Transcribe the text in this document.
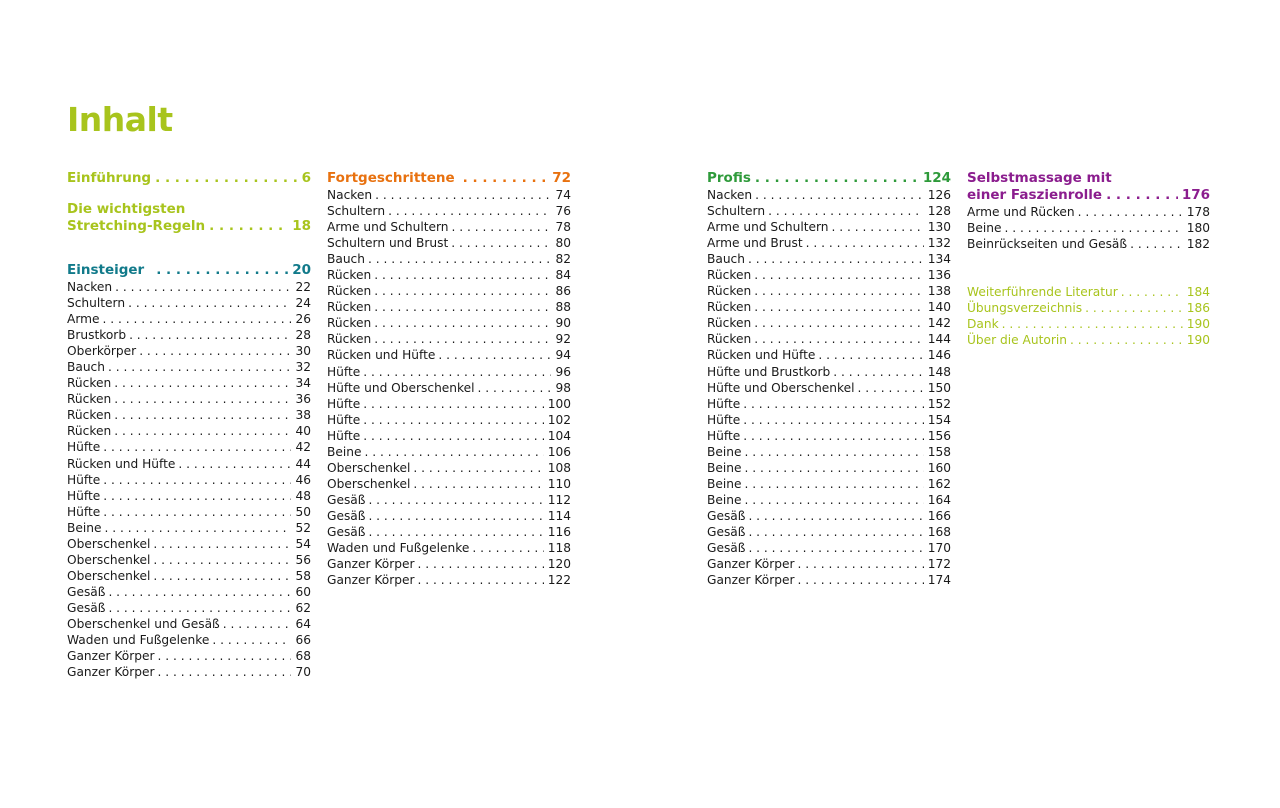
Inhalt
Einführung . . .	6
Die wichtigsten
Stretching-Regeln . . .	18
Einsteiger . . .	20
Nacken . . .	22
Schultern . . .	24
Arme . . .	26
Brustkorb . . .	28
Oberkörper . . .	30
Bauch . . .	32
Rücken . . .	34
Rücken . . .	36
Rücken . . .	38
Rücken . . .	40
Hüfte . . .	42
Rücken und Hüfte . . .	44
Hüfte . . .	46
Hüfte . . .	48
Hüfte . . .	50
Beine . . .	52
Oberschenkel . . .	54
Oberschenkel . . .	56
Oberschenkel . . .	58
Gesäß . . .	60
Gesäß . . .	62
Oberschenkel und Gesäß . . .	64
Waden und Fußgelenke . . .	66
Ganzer Körper . . .	68
Ganzer Körper . . .	70
Fortgeschrittene . . .	72
Nacken . . .	74
Schultern . . .	76
Arme und Schultern . . .	78
Schultern und Brust . . .	80
Bauch . . .	82
Rücken . . .	84
Rücken . . .	86
Rücken . . .	88
Rücken . . .	90
Rücken . . .	92
Rücken und Hüfte . . .	94
Hüfte . . .	96
Hüfte und Oberschenkel . . .	98
Hüfte . . .	100
Hüfte . . .	102
Hüfte . . .	104
Beine . . .	106
Oberschenkel . . .	108
Oberschenkel . . .	110
Gesäß . . .	112
Gesäß . . .	114
Gesäß . . .	116
Waden und Fußgelenke . . .	118
Ganzer Körper . . .	120
Ganzer Körper . . .	122
Profis . . .	124
Nacken . . .	126
Schultern . . .	128
Arme und Schultern . . .	130
Arme und Brust . . .	132
Bauch . . .	134
Rücken . . .	136
Rücken . . .	138
Rücken . . .	140
Rücken . . .	142
Rücken . . .	144
Rücken und Hüfte . . .	146
Hüfte und Brustkorb . . .	148
Hüfte und Oberschenkel . . .	150
Hüfte . . .	152
Hüfte . . .	154
Hüfte . . .	156
Beine . . .	158
Beine . . .	160
Beine . . .	162
Beine . . .	164
Gesäß . . .	166
Gesäß . . .	168
Gesäß . . .	170
Ganzer Körper . . .	172
Ganzer Körper . . .	174
Selbstmassage mit
einer Faszienrolle . . .	176
Arme und Rücken . . .	178
Beine . . .	180
Beinrückseiten und Gesäß . . .	182
Weiterführende Literatur . . .	184
Übungsverzeichnis . . .	186
Dank . . .	190
Über die Autorin . . .	190
